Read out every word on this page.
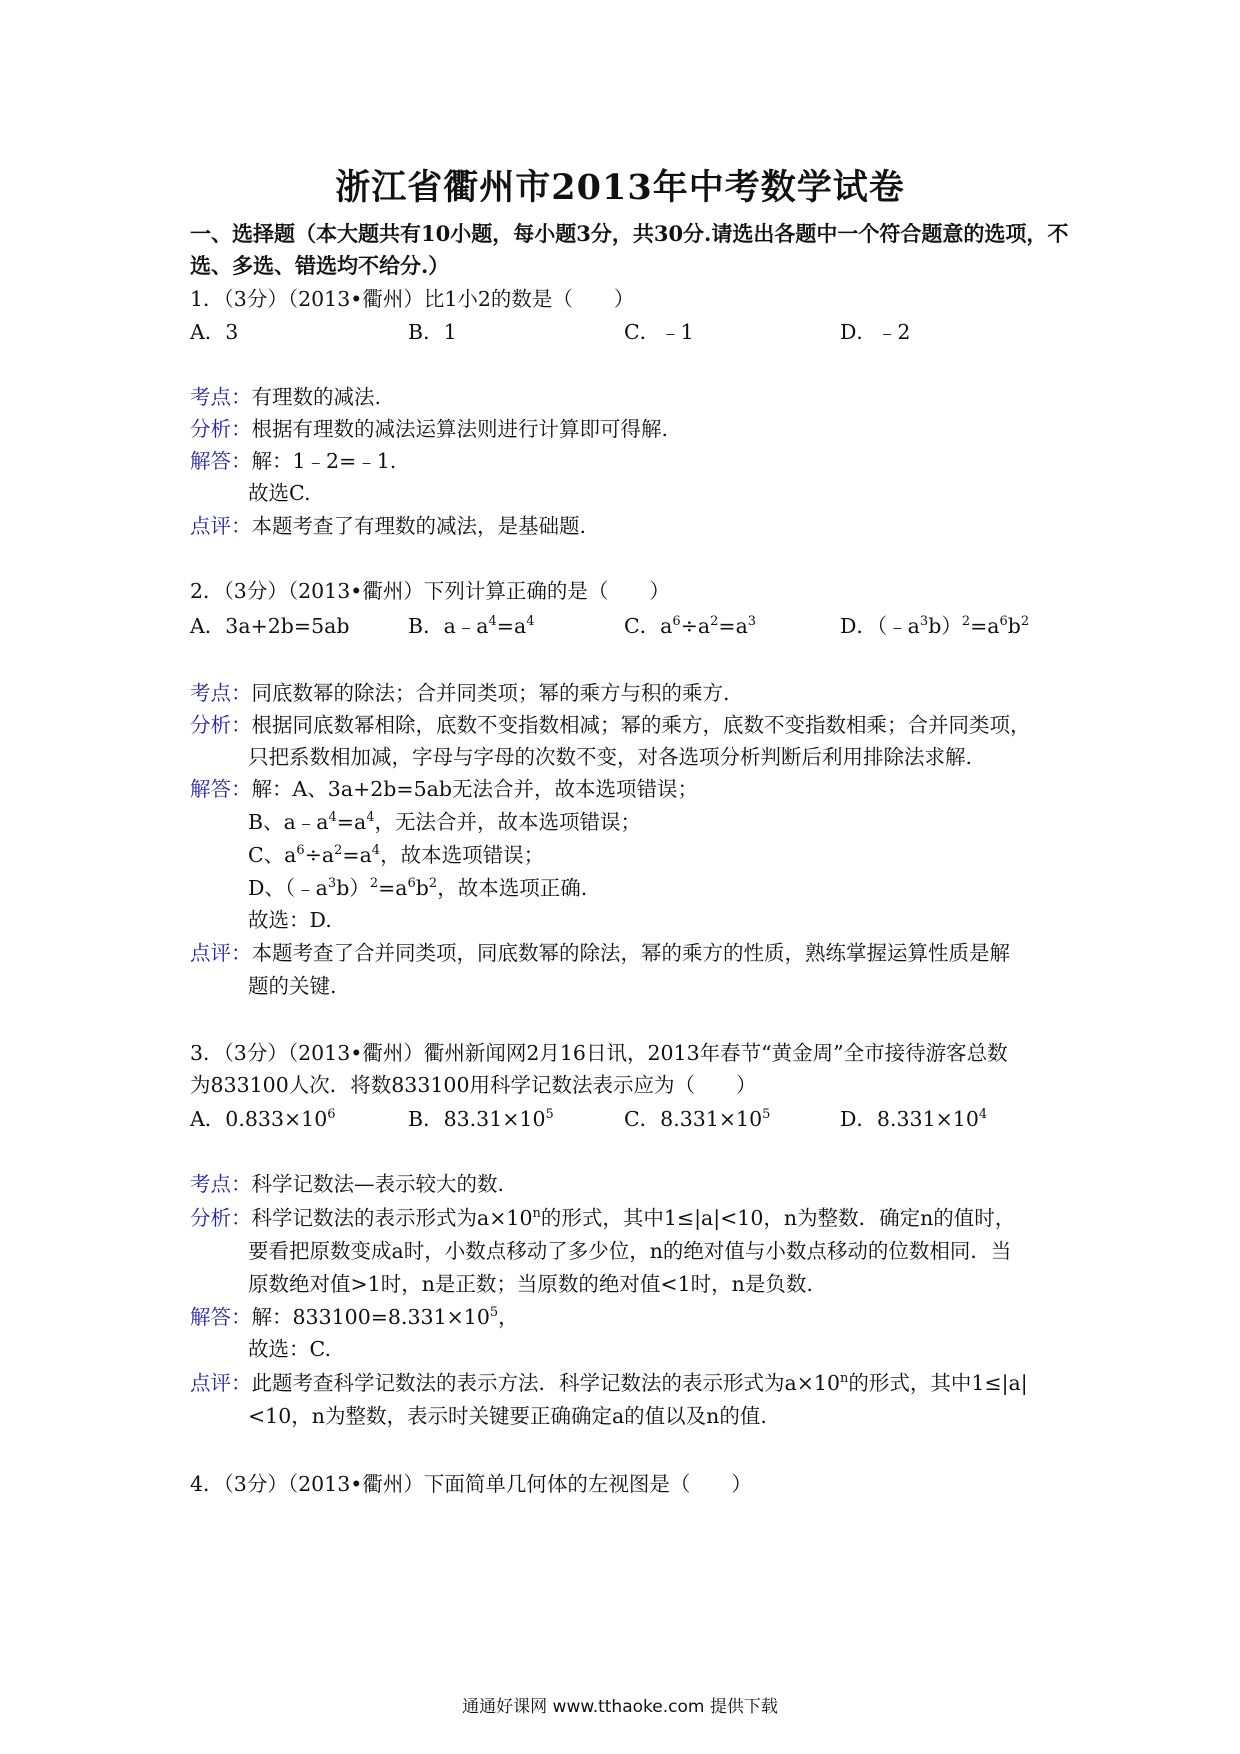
浙江省衢州市2013年中考数学试卷
一、选择题（本大题共有10小题，每小题3分，共30分.请选出各题中一个符合题意的选项，不选、多选、错选均不给分.）
1．（3分）（2013•衢州）比1小2的数是（　　）
A．3	B．1	C．﹣1	D．﹣2
考点：有理数的减法.
分析：根据有理数的减法运算法则进行计算即可得解.
解答：解：1﹣2=﹣1.
故选C.
点评：本题考查了有理数的减法，是基础题.
2．（3分）（2013•衢州）下列计算正确的是（　　）
A．3a+2b=5ab	B．$a﹣a^4=a^4$	C．$a^6\div a^2=a^3$	D．$(﹣a^3b)^2=a^6b^2$
考点：同底数幂的除法；合并同类项；幂的乘方与积的乘方.
分析：根据同底数幂相除，底数不变指数相减；幂的乘方，底数不变指数相乘；合并同类项，
只把系数相加减，字母与字母的次数不变，对各选项分析判断后利用排除法求解.
解答：解：A、3a+2b=5ab无法合并，故本选项错误；
B、$a﹣a^4=a^4$，无法合并，故本选项错误；
C、$a^6\div a^2=a^4$，故本选项错误；
D、$(﹣a^3b)^2=a^6b^2$，故本选项正确.
故选：D.
点评：本题考查了合并同类项，同底数幂的除法，幂的乘方的性质，熟练掌握运算性质是解
题的关键.
3．（3分）（2013•衢州）衢州新闻网2月16日讯，2013年春节“黄金周”全市接待游客总数
为833100人次．将数833100用科学记数法表示应为（　　）
A．$0.833\times 10^6$	B．$83.31\times 10^5$	C．$8.331\times 10^5$	D．$8.331\times 10^4$
考点：科学记数法—表示较大的数.
分析：科学记数法的表示形式为$a\times 10^n$的形式，其中1≤|a|<10，n为整数．确定n的值时，
要看把原数变成a时，小数点移动了多少位，n的绝对值与小数点移动的位数相同．当
原数绝对值>1时，n是正数；当原数的绝对值<1时，n是负数.
解答：解：$833100=8.331\times 10^5$，
故选：C.
点评：此题考查科学记数法的表示方法．科学记数法的表示形式为$a\times 10^n$的形式，其中1≤|a|
<10，n为整数，表示时关键要正确确定a的值以及n的值.
4．（3分）（2013•衢州）下面简单几何体的左视图是（　　）
通通好课网 www.tthaoke.com 提供下载
